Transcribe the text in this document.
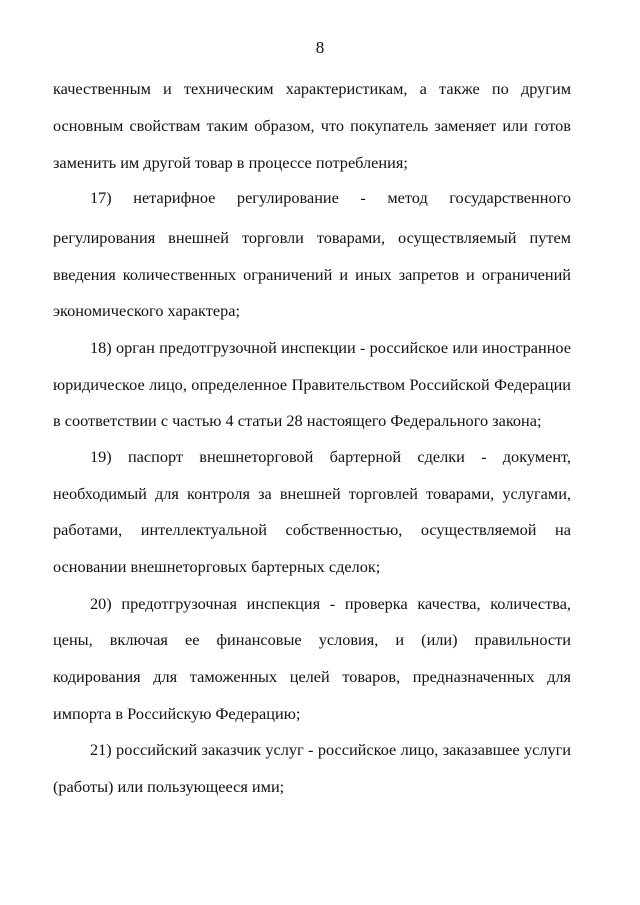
8
качественным и техническим характеристикам, а также по другим
основным свойствам таким образом, что покупатель заменяет или готов
заменить им другой товар в процессе потребления;
17) нетарифное регулирование - метод государственного
регулирования внешней торговли товарами, осуществляемый путем
введения количественных ограничений и иных запретов и ограничений
экономического характера;
18) орган предотгрузочной инспекции - российское или иностранное
юридическое лицо, определенное Правительством Российской Федерации
в соответствии с частью 4 статьи 28 настоящего Федерального закона;
19) паспорт внешнеторговой бартерной сделки - документ,
необходимый для контроля за внешней торговлей товарами, услугами,
работами, интеллектуальной собственностью, осуществляемой на
основании внешнеторговых бартерных сделок;
20) предотгрузочная инспекция - проверка качества, количества,
цены, включая ее финансовые условия, и (или) правильности
кодирования для таможенных целей товаров, предназначенных для
импорта в Российскую Федерацию;
21) российский заказчик услуг - российское лицо, заказавшее услуги
(работы) или пользующееся ими;
